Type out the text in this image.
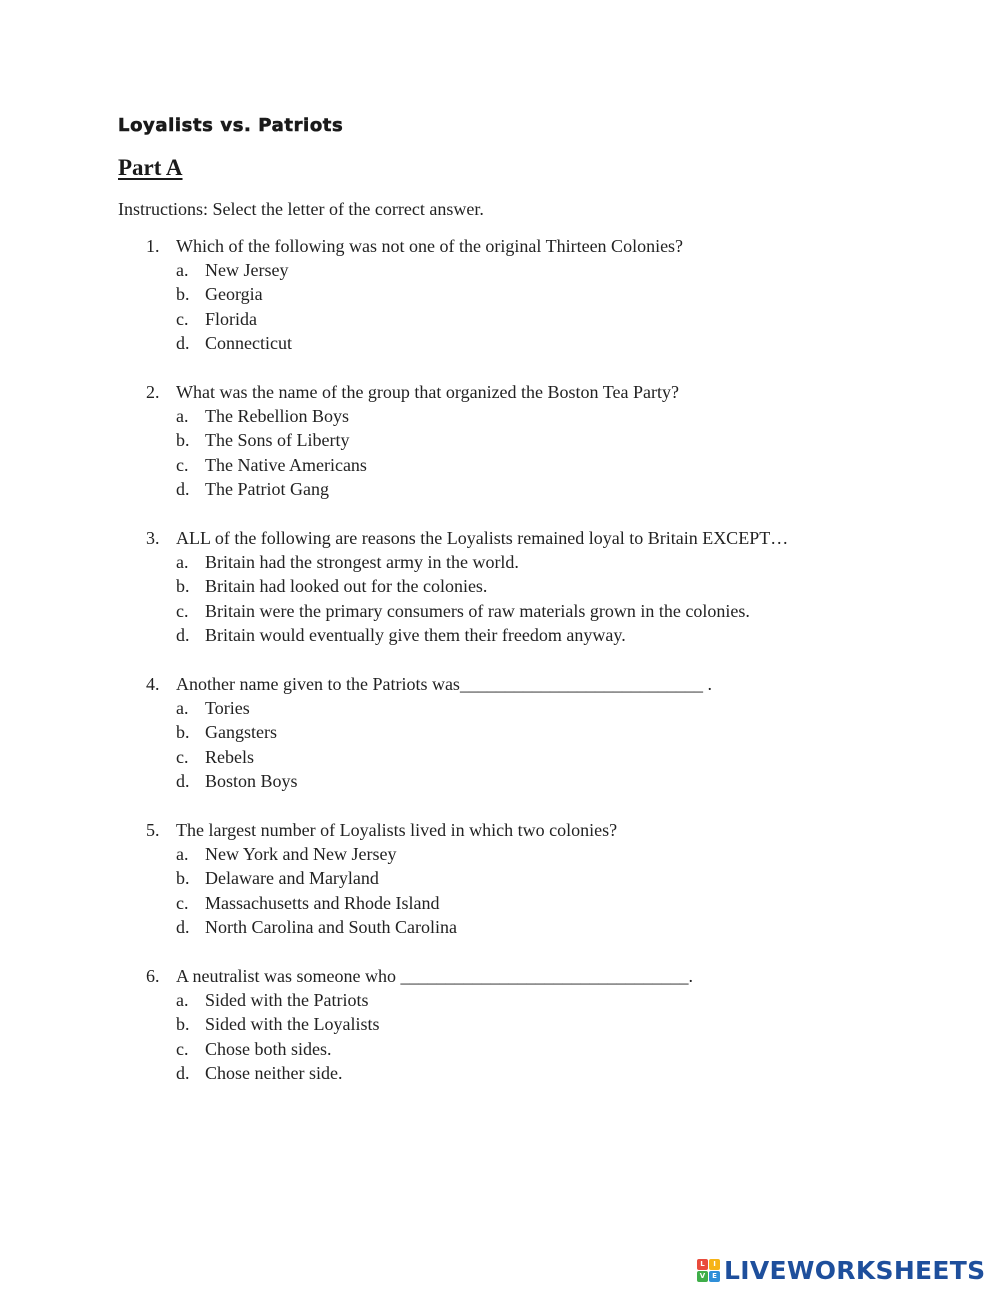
Loyalists vs. Patriots
Part A
Instructions: Select the letter of the correct answer.
1. Which of the following was not one of the original Thirteen Colonies?
a. New Jersey
b. Georgia
c. Florida
d. Connecticut
2. What was the name of the group that organized the Boston Tea Party?
a. The Rebellion Boys
b. The Sons of Liberty
c. The Native Americans
d. The Patriot Gang
3. ALL of the following are reasons the Loyalists remained loyal to Britain EXCEPT…
a. Britain had the strongest army in the world.
b. Britain had looked out for the colonies.
c. Britain were the primary consumers of raw materials grown in the colonies.
d. Britain would eventually give them their freedom anyway.
4. Another name given to the Patriots was___________________________ .
a. Tories
b. Gangsters
c. Rebels
d. Boston Boys
5. The largest number of Loyalists lived in which two colonies?
a. New York and New Jersey
b. Delaware and Maryland
c. Massachusetts and Rhode Island
d. North Carolina and South Carolina
6. A neutralist was someone who ________________________________.
a. Sided with the Patriots
b. Sided with the Loyalists
c. Chose both sides.
d. Chose neither side.
L	I
V E LIVEWORKSHEETS
